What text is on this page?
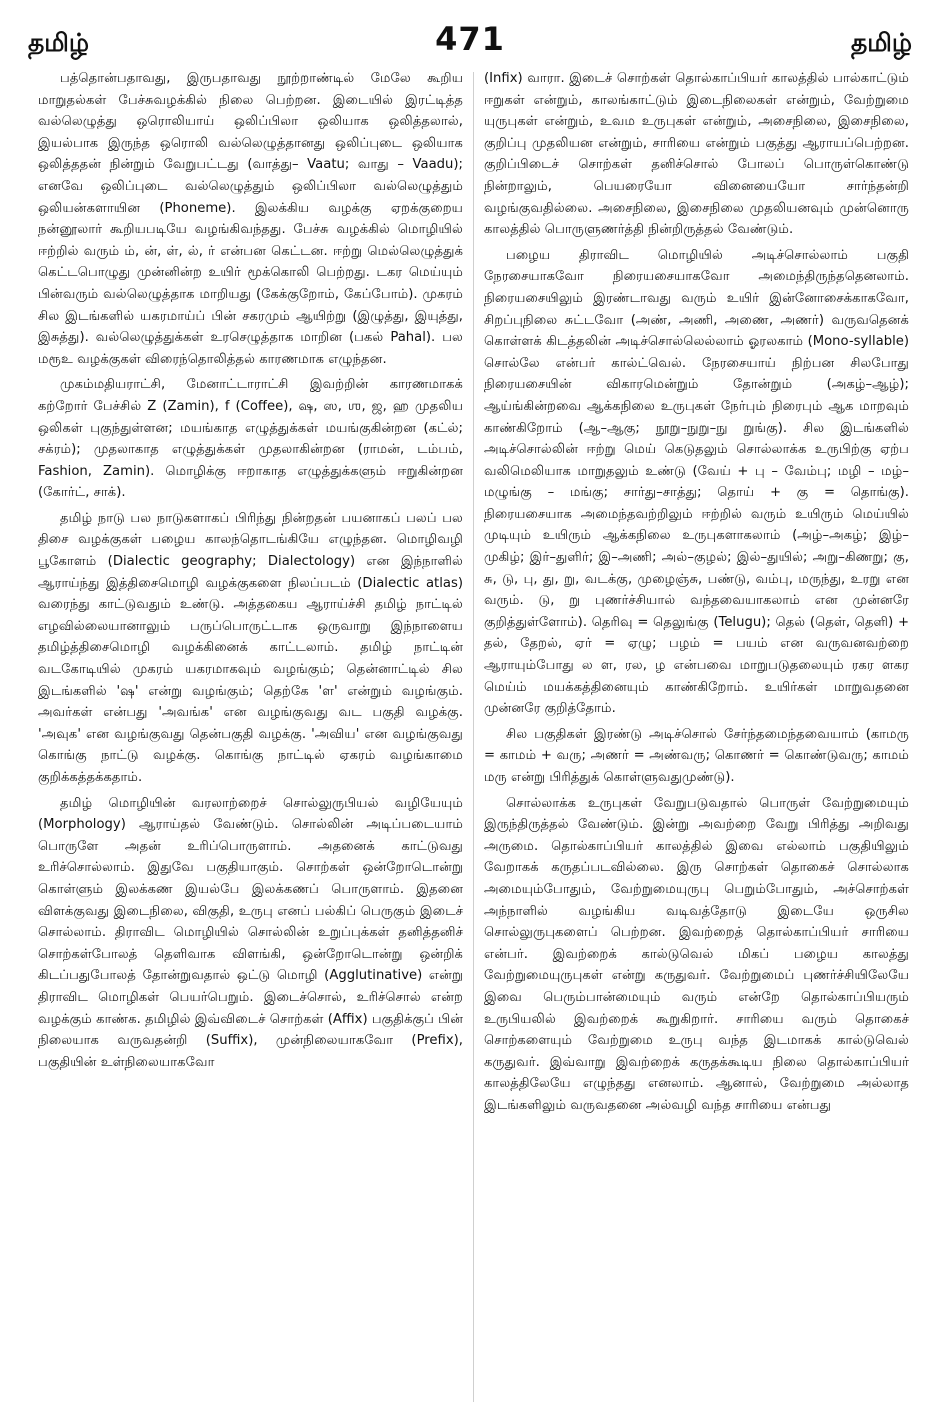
தமிழ்	471	தமிழ்

பத்தொன்பதாவது, இருபதாவது நூற்றாண்டில் மேலே கூறிய மாறுதல்கள் பேச்சுவழக்கில் நிலை பெற்றன. இடையில் இரட்டித்த வல்லெழுத்து ஒரொலியாய் ஒலிப்பிலா ஒலியாக ஒலித்தலால், இயல்பாக இருந்த ஒரொலி வல்லெழுத்தானது ஒலிப்புடை ஒலியாக ஒலித்ததன் நின்றும் வேறுபட்டது (வாத்து– Vaatu; வாது – Vaadu); எனவே ஒலிப்புடை வல்லெழுத்தும் ஒலிப்பிலா வல்லெழுத்தும் ஒலியன்களாயின (Phoneme). இலக்கிய வழக்கு ஏறக்குறைய நன்னூலார் கூறியபடியே வழங்கிவந்தது. பேச்சு வழக்கில் மொழியில் ஈற்றில் வரும் ம், ன், ள், ல், ர் என்பன கெட்டன. ஈற்று மெல்லெழுத்துக் கெட்டபொழுது முன்னின்ற உயிர் மூக்கொலி பெற்றது. டகர மெய்யும் பின்வரும் வல்லெழுத்தாக மாறியது (கேக்குறோம், கேப்போம்). முகரம் சில இடங்களில் யகரமாய்ப் பின் சகரமும் ஆயிற்று (இழுத்து, இயுத்து, இசுத்து). வல்லெழுத்துக்கள் உரசெழுத்தாக மாறின (பகல் Pahal). பல மரூஉ வழக்குகள் விரைந்தொலித்தல் காரணமாக எழுந்தன.

முகம்மதியராட்சி, மேனாட்டாராட்சி இவற்றின் காரணமாகக் கற்றோர் பேச்சில் Z (Zamin), f (Coffee), ஷ, ஸ, ஶ, ஜ, ஹ முதலிய ஒலிகள் புகுந்துள்ளன; மயங்காத எழுத்துக்கள் மயங்குகின்றன (கட்ல்; சக்ரம்); முதலாகாத எழுத்துக்கள் முதலாகின்றன (ராமன், டம்பம், Fashion, Zamin). மொழிக்கு ஈறாகாத எழுத்துக்களும் ஈறுகின்றன (கோர்ட், சாக்).

தமிழ் நாடு பல நாடுகளாகப் பிரிந்து நின்றதன் பயனாகப் பலப் பல திசை வழக்குகள் பழைய காலந்தொடங்கியே எழுந்தன. மொழிவழி பூகோளம் (Dialectic geography; Dialectology) என இந்நாளில் ஆராய்ந்து இத்திசைமொழி வழக்குகளை நிலப்படம் (Dialectic atlas) வரைந்து காட்டுவதும் உண்டு. அத்தகைய ஆராய்ச்சி தமிழ் நாட்டில் எழவில்லையானாலும் பருப்பொருட்டாக ஒருவாறு இந்நாளைய தமிழ்த்திசைமொழி வழக்கினைக் காட்டலாம். தமிழ் நாட்டின் வடகோடியில் முகரம் யகரமாகவும் வழங்கும்; தென்னாட்டில் சில இடங்களில் 'ஷ' என்று வழங்கும்; தெற்கே 'ள' என்றும் வழங்கும். அவர்கள் என்பது 'அவங்க' என வழங்குவது வட பகுதி வழக்கு. 'அவுக' என வழங்குவது தென்பகுதி வழக்கு. 'அவிய' என வழங்குவது கொங்கு நாட்டு வழக்கு. கொங்கு நாட்டில் ஏகரம் வழங்காமை குறிக்கத்தக்கதாம்.

தமிழ் மொழியின் வரலாற்றைச் சொல்லுருபியல் வழியேயும் (Morphology) ஆராய்தல் வேண்டும். சொல்லின் அடிப்படையாம் பொருளே அதன் உரிப்பொருளாம். அதனைக் காட்டுவது உரிச்சொல்லாம். இதுவே பகுதியாகும். சொற்கள் ஒன்றோடொன்று கொள்ளும் இலக்கண இயல்பே இலக்கணப் பொருளாம். இதனை விளக்குவது இடைநிலை, விகுதி, உருபு எனப் பல்கிப் பெருகும் இடைச் சொல்லாம். திராவிட மொழியில் சொல்லின் உறுப்புக்கள் தனித்தனிச் சொற்கள்போலத் தெளிவாக விளங்கி, ஒன்றோடொன்று ஒன்றிக் கிடப்பதுபோலத் தோன்றுவதால் ஒட்டு மொழி (Agglutinative) என்று திராவிட மொழிகள் பெயர்பெறும். இடைச்சொல், உரிச்சொல் என்ற வழக்கும் காண்க. தமிழில் இவ்விடைச் சொற்கள் (Affix) பகுதிக்குப் பின் நிலையாக வருவதன்றி (Suffix), முன்நிலையாகவோ (Prefix), பகுதியின் உள்நிலையாகவோ

(Infix) வாரா. இடைச் சொற்கள் தொல்காப்பியர் காலத்தில் பால்காட்டும் ஈறுகள் என்றும், காலங்காட்டும் இடைநிலைகள் என்றும், வேற்றுமை யுருபுகள் என்றும், உவம உருபுகள் என்றும், அசைநிலை, இசைநிலை, குறிப்பு முதலியன என்றும், சாரியை என்றும் பகுத்து ஆராயப்பெற்றன. குறிப்பிடைச் சொற்கள் தனிச்சொல் போலப் பொருள்கொண்டு நின்றாலும், பெயரையோ வினையையோ சார்ந்தன்றி வழங்குவதில்லை. அசைநிலை, இசைநிலை முதலியனவும் முன்னொரு காலத்தில் பொருளுணர்த்தி நின்றிருத்தல் வேண்டும்.

பழைய திராவிட மொழியில் அடிச்சொல்லாம் பகுதி நேரசையாகவோ நிரையசையாகவோ அமைந்திருந்ததெனலாம். நிரையசையிலும் இரண்டாவது வரும் உயிர் இன்னோசைக்காகவோ, சிறப்புநிலை சுட்டவோ (அண், அணி, அணை, அணர்) வருவதெனக் கொள்ளக் கிடத்தலின் அடிச்சொல்லெல்லாம் ஓரலகாம் (Mono-syllable) சொல்லே என்பர் கால்ட்வெல். நேரசையாய் நிற்பன சிலபோது நிரையசையின் விகாரமென்றும் தோன்றும் (அகழ்–ஆழ்); ஆய்ங்கின்றவை ஆக்கநிலை உருபுகள் நேர்பும் நிரைபும் ஆக மாறவும் காண்கிறோம் (ஆ–ஆகு; நூறு–நுறு–நு றுங்கு). சில இடங்களில் அடிச்சொல்லின் ஈற்று மெய் கெடுதலும் சொல்லாக்க உருபிற்கு ஏற்ப வலிமெலியாக மாறுதலும் உண்டு (வேய் + பு – வேம்பு; மழி – மழ்–மழுங்கு – மங்கு; சார்து–சாத்து; தொய் + கு = தொங்கு). நிரையசையாக அமைந்தவற்றிலும் ஈற்றில் வரும் உயிரும் மெய்யில் முடியும் உயிரும் ஆக்கநிலை உருபுகளாகலாம் (அழ்–அகழ்; இழ்–முகிழ்; இர்–துளிர்; இ–அணி; அல்–குழல்; இல்–துயில்; அறு–கிணறு; கு, சு, டு, பு, து, று, வடக்கு, முழைஞ்சு, பண்டு, வம்பு, மருந்து, உரறு என வரும். டு, று புணர்ச்சியால் வந்தவையாகலாம் என முன்னரே குறித்துள்ளோம்). தெரிவு = தெலுங்கு (Telugu); தெல் (தெள், தெளி) + தல், தேறல், ஏர் = ஏழு; பழம் = பயம் என வருவனவற்றை ஆராயும்போது ல ள, ரல, ழ என்பவை மாறுபடுதலையும் ரகர ளகர மெய்ம் மயக்கத்தினையும் காண்கிறோம். உயிர்கள் மாறுவதனை முன்னரே குறித்தோம்.

சில பகுதிகள் இரண்டு அடிச்சொல் சேர்ந்தமைந்தவையாம் (காமரு = காமம் + வரு; அணர் = அண்வரு; கொணர் = கொண்டுவரு; காமம் மரு என்று பிரித்துக் கொள்ளுவதுமுண்டு).

சொல்லாக்க உருபுகள் வேறுபடுவதால் பொருள் வேற்றுமையும் இருந்திருத்தல் வேண்டும். இன்று அவற்றை வேறு பிரித்து அறிவது அருமை. தொல்காப்பியர் காலத்தில் இவை எல்லாம் பகுதியிலும் வேறாகக் கருதப்படவில்லை. இரு சொற்கள் தொகைச் சொல்லாக அமையும்போதும், வேற்றுமையுருபு பெறும்போதும், அச்சொற்கள் அந்நாளில் வழங்கிய வடிவத்தோடு இடையே ஒருசில சொல்லுருபுகளைப் பெற்றன. இவற்றைத் தொல்காப்பியர் சாரியை என்பர். இவற்றைக் கால்டுவெல் மிகப் பழைய காலத்து வேற்றுமையுருபுகள் என்று கருதுவர். வேற்றுமைப் புணர்ச்சியிலேயே இவை பெரும்பான்மையும் வரும் என்றே தொல்காப்பியரும் உருபியலில் இவற்றைக் கூறுகிறார். சாரியை வரும் தொகைச் சொற்களையும் வேற்றுமை உருபு வந்த இடமாகக் கால்டுவெல் கருதுவர். இவ்வாறு இவற்றைக் கருதக்கூடிய நிலை தொல்காப்பியர் காலத்திலேயே எழுந்தது எனலாம். ஆனால், வேற்றுமை அல்லாத இடங்களிலும் வருவதனை அல்வழி வந்த சாரியை என்பது
